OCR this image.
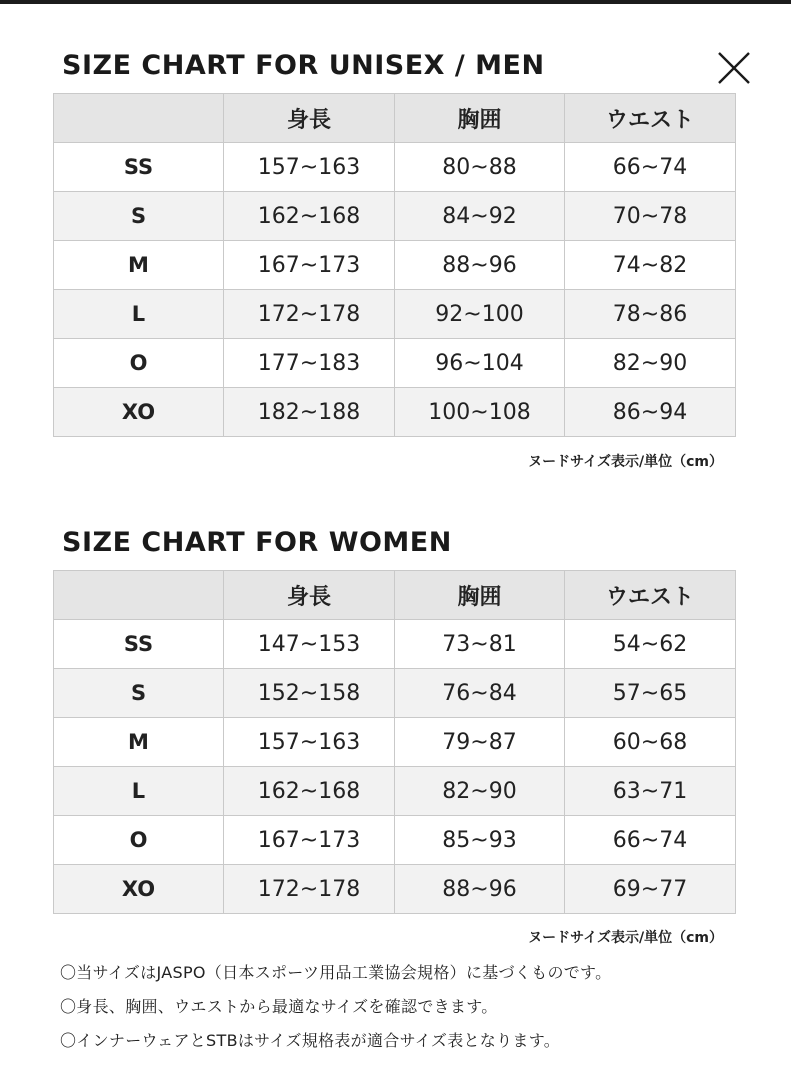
SIZE CHART FOR UNISEX / MEN
	身長	胸囲	ウエスト
SS	157~163	80~88	66~74
S	162~168	84~92	70~78
M	167~173	88~96	74~82
L	172~178	92~100	78~86
O	177~183	96~104	82~90
XO	182~188	100~108	86~94
ヌードサイズ表示/単位（cm）
SIZE CHART FOR WOMEN
	身長	胸囲	ウエスト
SS	147~153	73~81	54~62
S	152~158	76~84	57~65
M	157~163	79~87	60~68
L	162~168	82~90	63~71
O	167~173	85~93	66~74
XO	172~178	88~96	69~77
ヌードサイズ表示/単位（cm）
〇当サイズはJASPO（日本スポーツ用品工業協会規格）に基づくものです。
〇身長、胸囲、ウエストから最適なサイズを確認できます。
〇インナーウェアとSTBはサイズ規格表が適合サイズ表となります。
